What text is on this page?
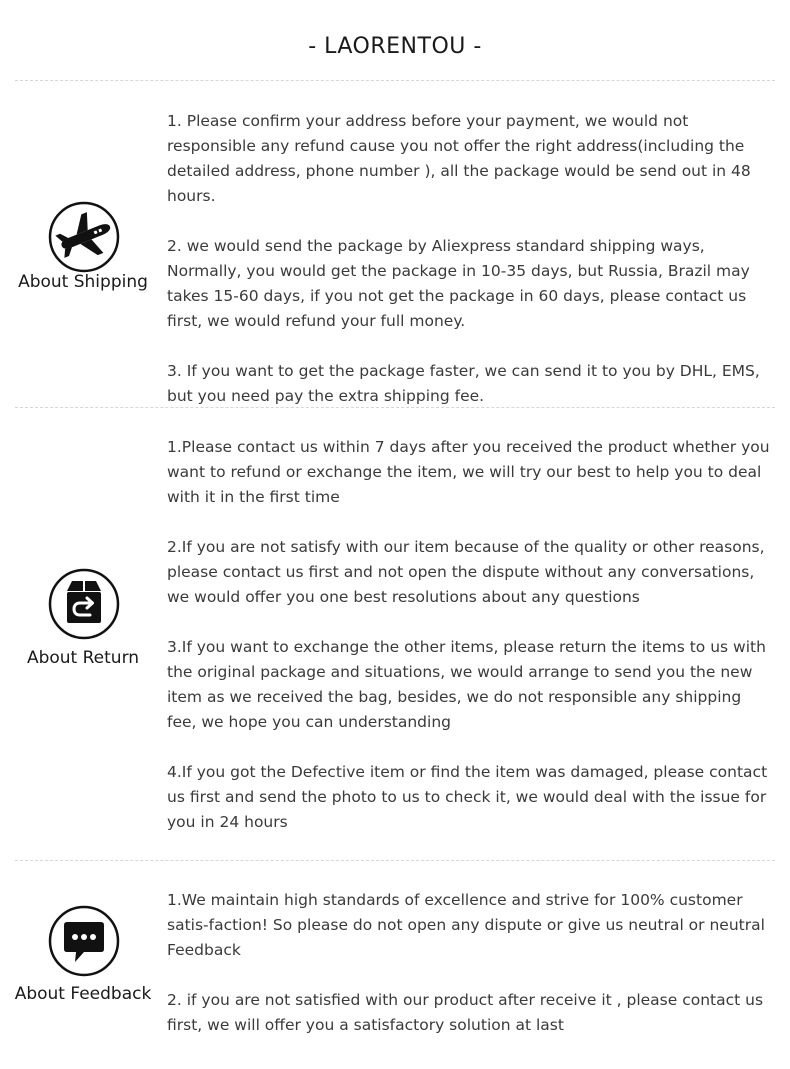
- LAORENTOU -
About Shipping

1. Please confirm your address before your payment, we would not responsible any refund cause you not offer the right address(including the detailed address, phone number ), all the package would be send out in 48 hours.

2. we would send the package by Aliexpress standard shipping ways, Normally, you would get the package in 10-35 days, but Russia, Brazil may takes 15-60 days, if you not get the package in 60 days, please contact us first, we would refund your full money.

3. If you want to get the package faster, we can send it to you by DHL, EMS, but you need pay the extra shipping fee.

About Return

1.Please contact us within 7 days after you received the product whether you want to refund or exchange the item, we will try our best to help you to deal with it in the first time

2.If you are not satisfy with our item because of the quality or other reasons, please contact us first and not open the dispute without any conversations, we would offer you one best resolutions about any questions

3.If you want to exchange the other items, please return the items to us with the original package and situations, we would arrange to send you the new item as we received the bag, besides, we do not responsible any shipping fee, we hope you can understanding

4.If you got the Defective item or find the item was damaged, please contact us first and send the photo to us to check it, we would deal with the issue for you in 24 hours

About Feedback

1.We maintain high standards of excellence and strive for 100% customer satis-faction! So please do not open any dispute or give us neutral or neutral Feedback

2. if you are not satisfied with our product after receive it , please contact us first, we will offer you a satisfactory solution at last
